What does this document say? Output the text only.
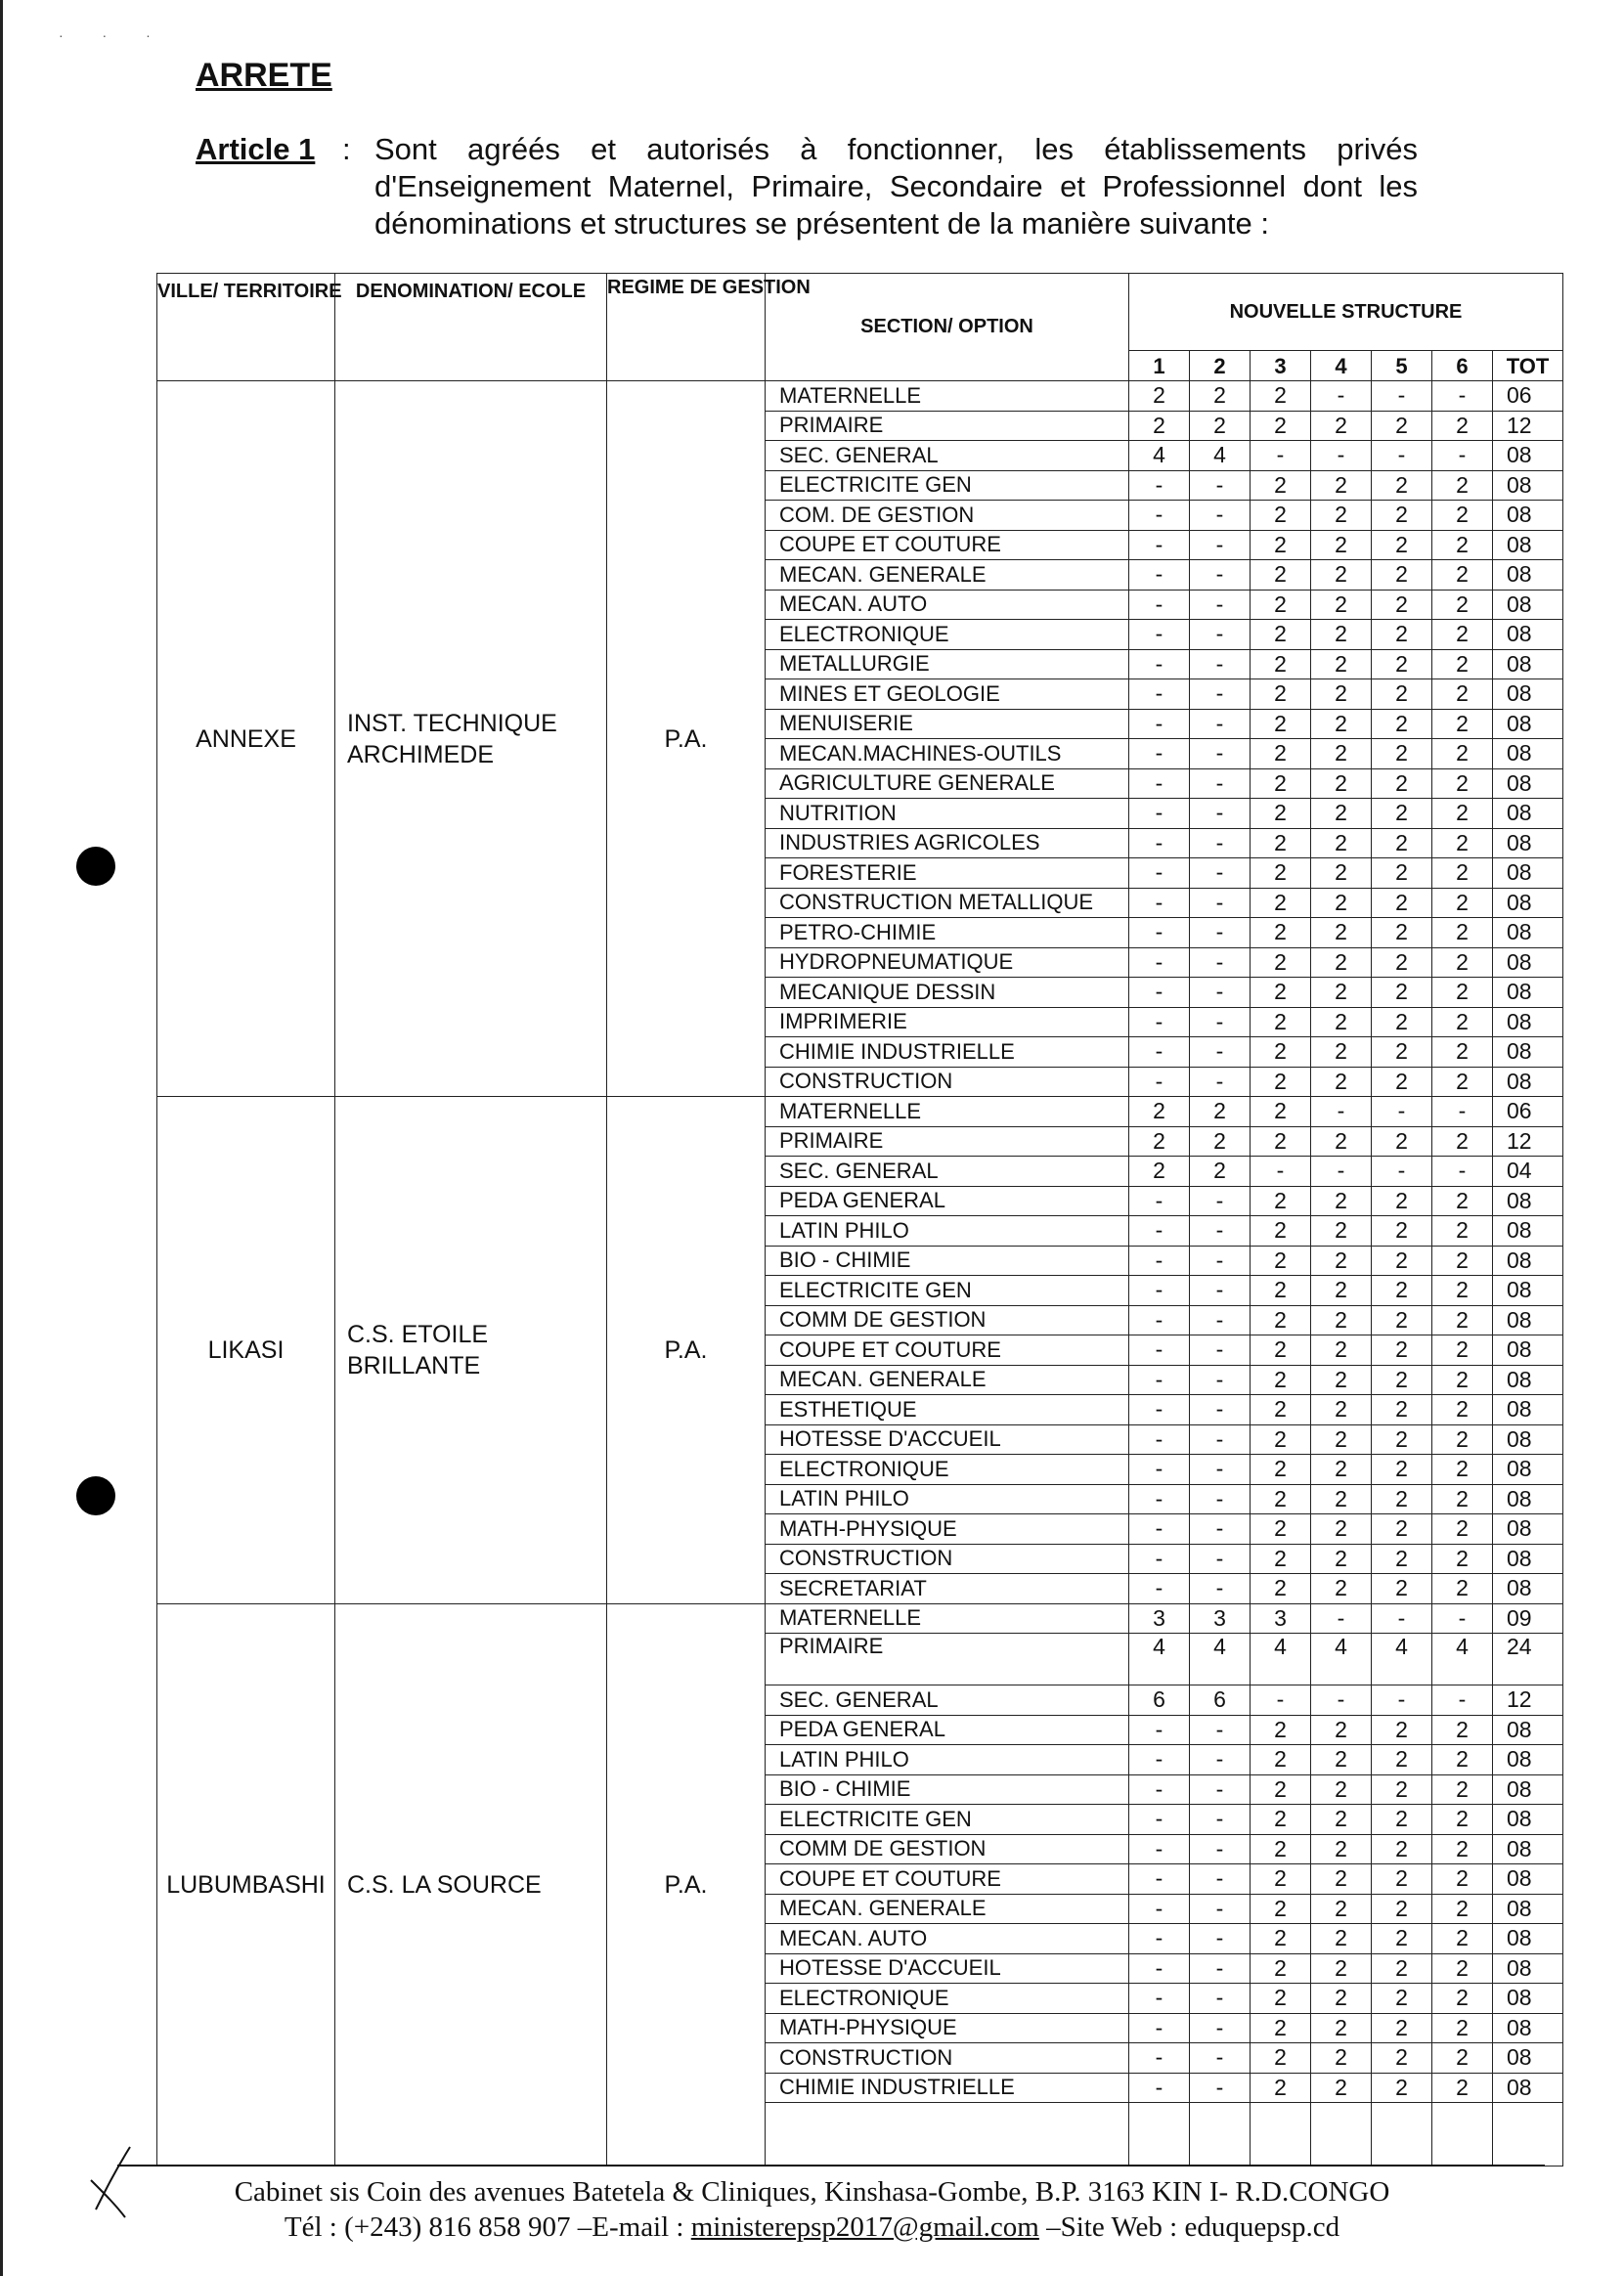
· · ·
ARRETE
Article 1 : Sont agréés et autorisés à fonctionner, les établissements privés d'Enseignement Maternel, Primaire, Secondaire et Professionnel dont les dénominations et structures se présentent de la manière suivante :
VILLE/ TERRITOIRE	DENOMINATION/ ECOLE	REGIME DE GESTION	SECTION/ OPTION	NOUVELLE STRUCTURE						
				1	2	3	4	5	6	TOT
ANNEXE	INST. TECHNIQUE ARCHIMEDE	P.A.	MATERNELLE	2	2	2	-	-	-	06
			PRIMAIRE	2	2	2	2	2	2	12
			SEC. GENERAL	4	4	-	-	-	-	08
			ELECTRICITE GEN	-	-	2	2	2	2	08
			COM. DE GESTION	-	-	2	2	2	2	08
			COUPE ET COUTURE	-	-	2	2	2	2	08
			MECAN. GENERALE	-	-	2	2	2	2	08
			MECAN. AUTO	-	-	2	2	2	2	08
			ELECTRONIQUE	-	-	2	2	2	2	08
			METALLURGIE	-	-	2	2	2	2	08
			MINES ET GEOLOGIE	-	-	2	2	2	2	08
			MENUISERIE	-	-	2	2	2	2	08
			MECAN.MACHINES-OUTILS	-	-	2	2	2	2	08
			AGRICULTURE GENERALE	-	-	2	2	2	2	08
			NUTRITION	-	-	2	2	2	2	08
			INDUSTRIES AGRICOLES	-	-	2	2	2	2	08
			FORESTERIE	-	-	2	2	2	2	08
			CONSTRUCTION METALLIQUE	-	-	2	2	2	2	08
			PETRO-CHIMIE	-	-	2	2	2	2	08
			HYDROPNEUMATIQUE	-	-	2	2	2	2	08
			MECANIQUE DESSIN	-	-	2	2	2	2	08
			IMPRIMERIE	-	-	2	2	2	2	08
			CHIMIE INDUSTRIELLE	-	-	2	2	2	2	08
			CONSTRUCTION	-	-	2	2	2	2	08
LIKASI	C.S. ETOILE BRILLANTE	P.A.	MATERNELLE	2	2	2	-	-	-	06
			PRIMAIRE	2	2	2	2	2	2	12
			SEC. GENERAL	2	2	-	-	-	-	04
			PEDA GENERAL	-	-	2	2	2	2	08
			LATIN PHILO	-	-	2	2	2	2	08
			BIO - CHIMIE	-	-	2	2	2	2	08
			ELECTRICITE GEN	-	-	2	2	2	2	08
			COMM DE GESTION	-	-	2	2	2	2	08
			COUPE ET COUTURE	-	-	2	2	2	2	08
			MECAN. GENERALE	-	-	2	2	2	2	08
			ESTHETIQUE	-	-	2	2	2	2	08
			HOTESSE D'ACCUEIL	-	-	2	2	2	2	08
			ELECTRONIQUE	-	-	2	2	2	2	08
			LATIN PHILO	-	-	2	2	2	2	08
			MATH-PHYSIQUE	-	-	2	2	2	2	08
			CONSTRUCTION	-	-	2	2	2	2	08
			SECRETARIAT	-	-	2	2	2	2	08
LUBUMBASHI	C.S. LA SOURCE	P.A.	MATERNELLE	3	3	3	-	-	-	09
			PRIMAIRE	4	4	4	4	4	4	24
			SEC. GENERAL	6	6	-	-	-	-	12
			PEDA GENERAL	-	-	2	2	2	2	08
			LATIN PHILO	-	-	2	2	2	2	08
			BIO - CHIMIE	-	-	2	2	2	2	08
			ELECTRICITE GEN	-	-	2	2	2	2	08
			COMM DE GESTION	-	-	2	2	2	2	08
			COUPE ET COUTURE	-	-	2	2	2	2	08
			MECAN. GENERALE	-	-	2	2	2	2	08
			MECAN. AUTO	-	-	2	2	2	2	08
			HOTESSE D'ACCUEIL	-	-	2	2	2	2	08
			ELECTRONIQUE	-	-	2	2	2	2	08
			MATH-PHYSIQUE	-	-	2	2	2	2	08
			CONSTRUCTION	-	-	2	2	2	2	08
			CHIMIE INDUSTRIELLE	-	-	2	2	2	2	08

Cabinet sis Coin des avenues Batetela & Cliniques, Kinshasa-Gombe, B.P. 3163 KIN I- R.D.CONGO
Tél : (+243) 816 858 907 –E-mail : ministerepsp2017@gmail.com –Site Web : eduquepsp.cd
